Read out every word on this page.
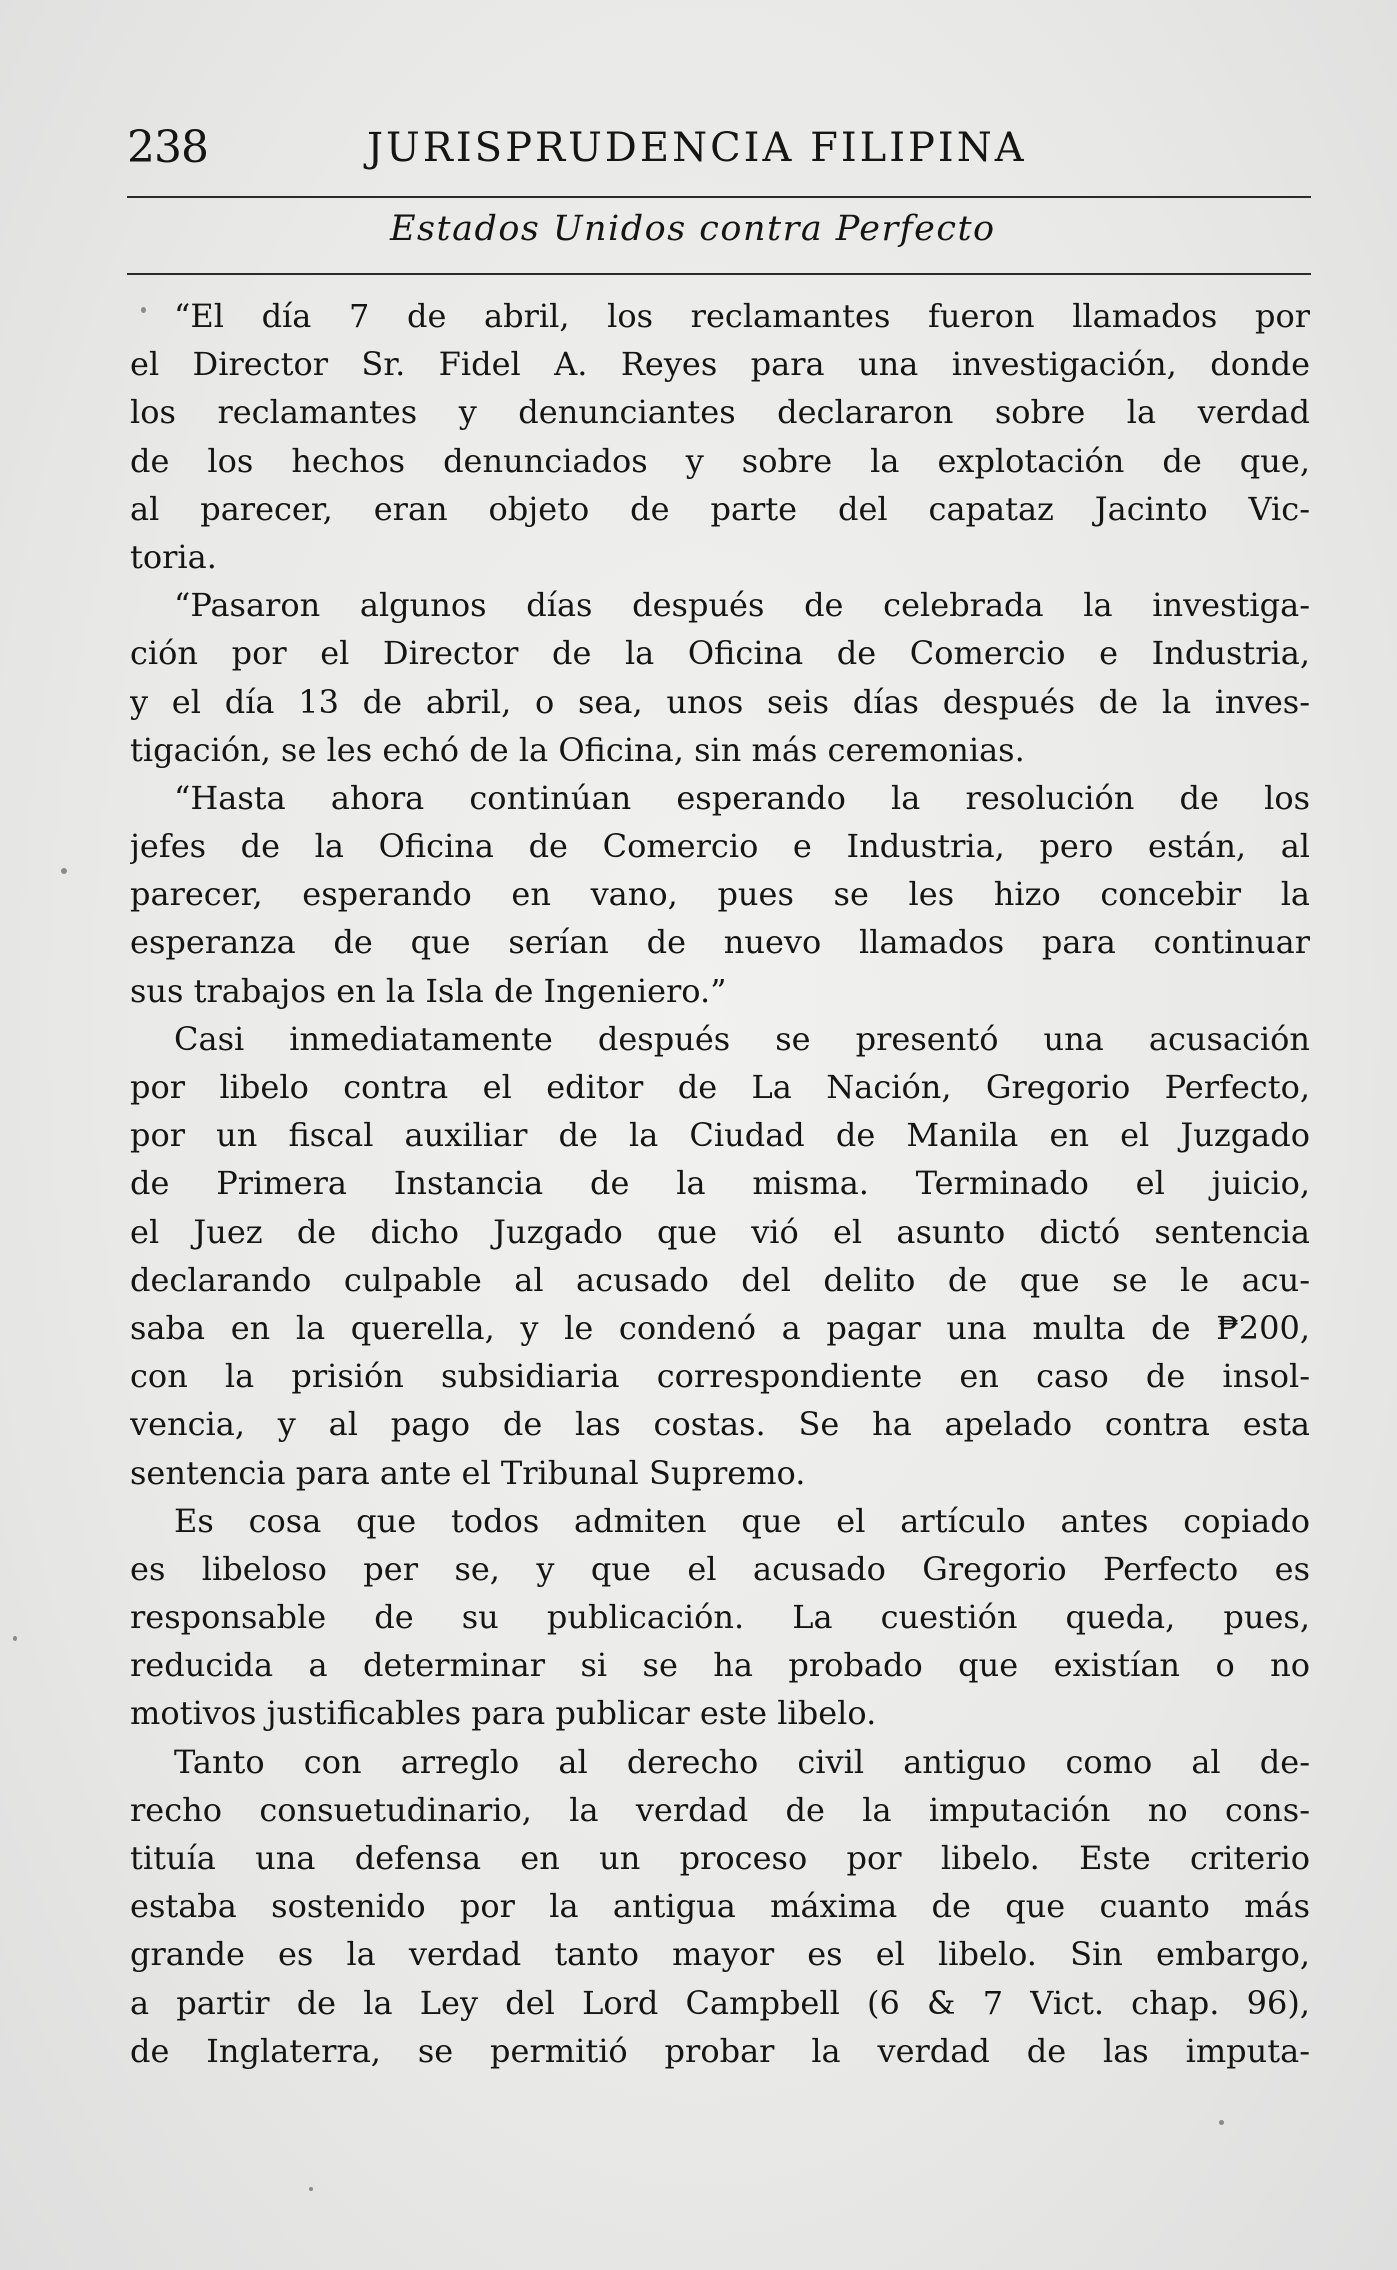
238	JURISPRUDENCIA FILIPINA
Estados Unidos contra Perfecto
“El día 7 de abril, los reclamantes fueron llamados por
el Director Sr. Fidel A. Reyes para una investigación, donde
los reclamantes y denunciantes declararon sobre la verdad
de los hechos denunciados y sobre la explotación de que,
al parecer, eran objeto de parte del capataz Jacinto Vic-
toria.
“Pasaron algunos días después de celebrada la investiga-
ción por el Director de la Oficina de Comercio e Industria,
y el día 13 de abril, o sea, unos seis días después de la inves-
tigación, se les echó de la Oficina, sin más ceremonias.
“Hasta ahora continúan esperando la resolución de los
jefes de la Oficina de Comercio e Industria, pero están, al
parecer, esperando en vano, pues se les hizo concebir la
esperanza de que serían de nuevo llamados para continuar
sus trabajos en la Isla de Ingeniero.”
Casi inmediatamente después se presentó una acusación
por libelo contra el editor de La Nación, Gregorio Perfecto,
por un fiscal auxiliar de la Ciudad de Manila en el Juzgado
de Primera Instancia de la misma. Terminado el juicio,
el Juez de dicho Juzgado que vió el asunto dictó sentencia
declarando culpable al acusado del delito de que se le acu-
saba en la querella, y le condenó a pagar una multa de ₱200,
con la prisión subsidiaria correspondiente en caso de insol-
vencia, y al pago de las costas. Se ha apelado contra esta
sentencia para ante el Tribunal Supremo.
Es cosa que todos admiten que el artículo antes copiado
es libeloso per se, y que el acusado Gregorio Perfecto es
responsable de su publicación. La cuestión queda, pues,
reducida a determinar si se ha probado que existían o no
motivos justificables para publicar este libelo.
Tanto con arreglo al derecho civil antiguo como al de-
recho consuetudinario, la verdad de la imputación no cons-
tituía una defensa en un proceso por libelo. Este criterio
estaba sostenido por la antigua máxima de que cuanto más
grande es la verdad tanto mayor es el libelo. Sin embargo,
a partir de la Ley del Lord Campbell (6 & 7 Vict. chap. 96),
de Inglaterra, se permitió probar la verdad de las imputa-
